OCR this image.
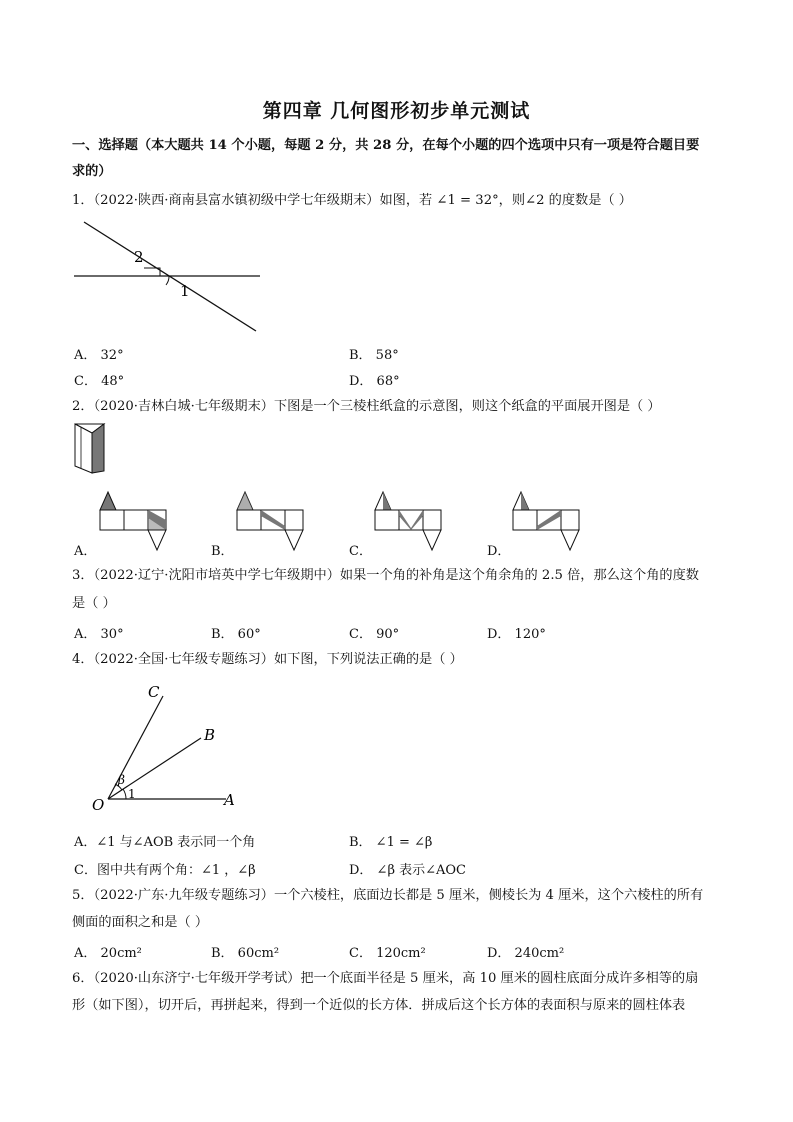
第四章 几何图形初步单元测试
一、选择题（本大题共 14 个小题，每题 2 分，共 28 分，在每个小题的四个选项中只有一项是符合题目要
求的）
1．（2022·陕西·商南县富水镇初级中学七年级期末）如图，若 ∠1 = 32°，则∠2 的度数是（ ）
2
1
A． 32°	B． 58°
C． 48°	D． 68°
2．（2020·吉林白城·七年级期末）下图是一个三棱柱纸盒的示意图，则这个纸盒的平面展开图是（ ）
A．	B．	C．	D．
3．（2022·辽宁·沈阳市培英中学七年级期中）如果一个角的补角是这个角余角的 2.5 倍，那么这个角的度数
是（ ）
A． 30°	B． 60°	C． 90°	D． 120°
4．（2022·全国·七年级专题练习）如下图，下列说法正确的是（ ）
C
B
O	A
β
1
A．∠1 与∠AOB 表示同一个角	B． ∠1 = ∠β
C．图中共有两个角：∠1 ，∠β	D． ∠β 表示∠AOC
5．（2022·广东·九年级专题练习）一个六棱柱，底面边长都是 5 厘米，侧棱长为 4 厘米，这个六棱柱的所有
侧面的面积之和是（ ）
A． 20cm²	B． 60cm²	C． 120cm²	D． 240cm²
6．（2020·山东济宁·七年级开学考试）把一个底面半径是 5 厘米，高 10 厘米的圆柱底面分成许多相等的扇
形（如下图），切开后，再拼起来，得到一个近似的长方体．拼成后这个长方体的表面积与原来的圆柱体表
